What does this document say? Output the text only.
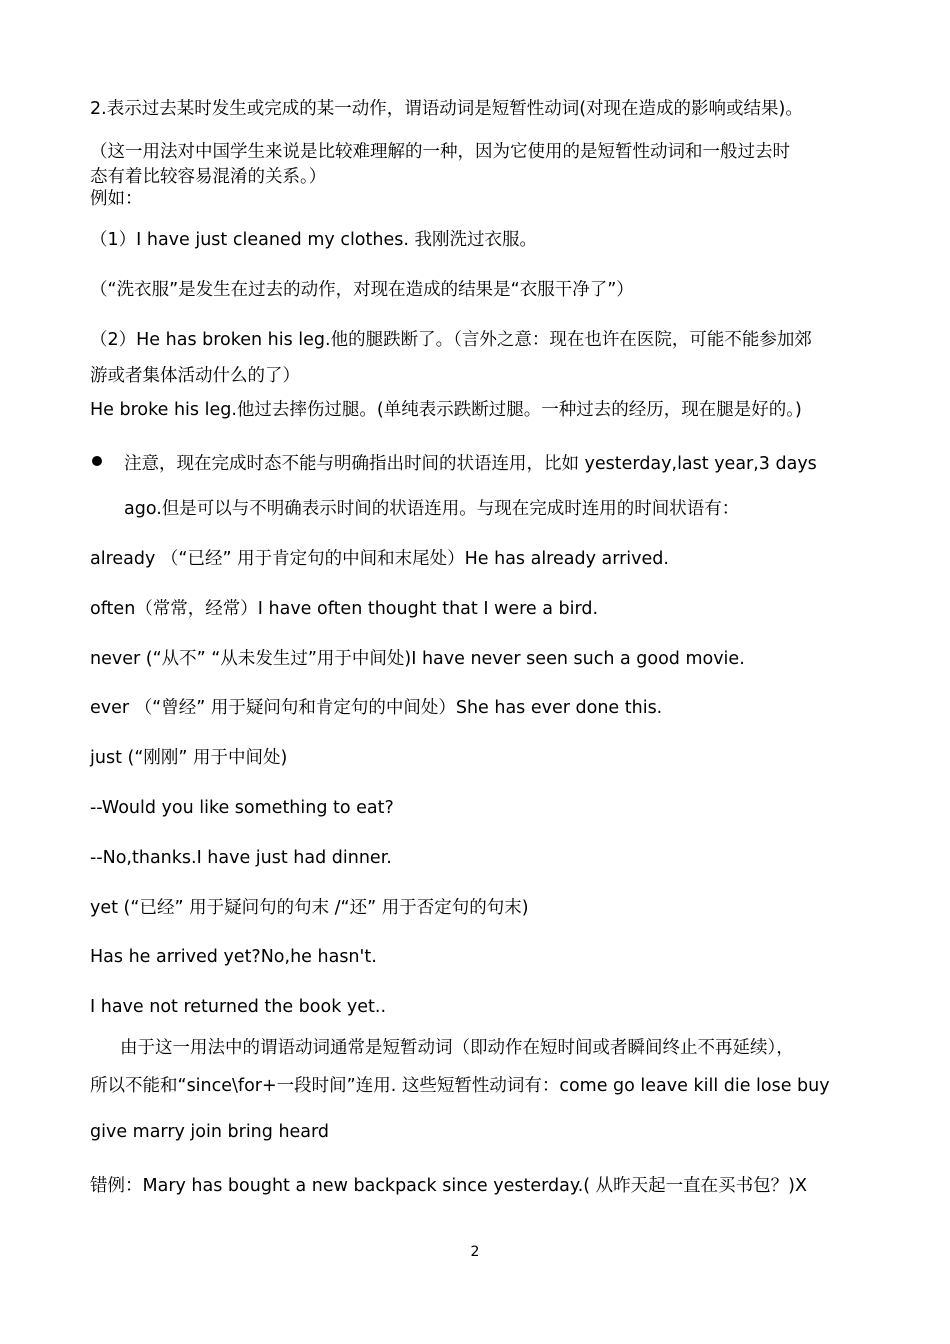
2.表示过去某时发生或完成的某一动作，谓语动词是短暂性动词(对现在造成的影响或结果)。
（这一用法对中国学生来说是比较难理解的一种，因为它使用的是短暂性动词和一般过去时
态有着比较容易混淆的关系。）
例如：
（1）I have just cleaned my clothes. 我刚洗过衣服。
（“洗衣服”是发生在过去的动作，对现在造成的结果是“衣服干净了”）
（2）He has broken his leg.他的腿跌断了。（言外之意：现在也许在医院，可能不能参加郊
游或者集体活动什么的了）
He broke his leg.他过去摔伤过腿。(单纯表示跌断过腿。一种过去的经历，现在腿是好的。)
注意，现在完成时态不能与明确指出时间的状语连用，比如 yesterday,last year,3 days
ago.但是可以与不明确表示时间的状语连用。与现在完成时连用的时间状语有：
already （“已经” 用于肯定句的中间和末尾处）He has already arrived.
often（常常，经常）I have often thought that I were a bird.
never (“从不” “从未发生过”用于中间处)I have never seen such a good movie.
ever （“曾经” 用于疑问句和肯定句的中间处）She has ever done this.
just (“刚刚” 用于中间处)
--Would you like something to eat?
--No,thanks.I have just had dinner.
yet (“已经” 用于疑问句的句末 /“还” 用于否定句的句末)
Has he arrived yet?No,he hasn't.
I have not returned the book yet..
由于这一用法中的谓语动词通常是短暂动词（即动作在短时间或者瞬间终止不再延续），
所以不能和“since\for+一段时间”连用. 这些短暂性动词有：come go leave kill die lose buy
give marry join bring heard
错例：Mary has bought a new backpack since yesterday.( 从昨天起一直在买书包？)X
2
